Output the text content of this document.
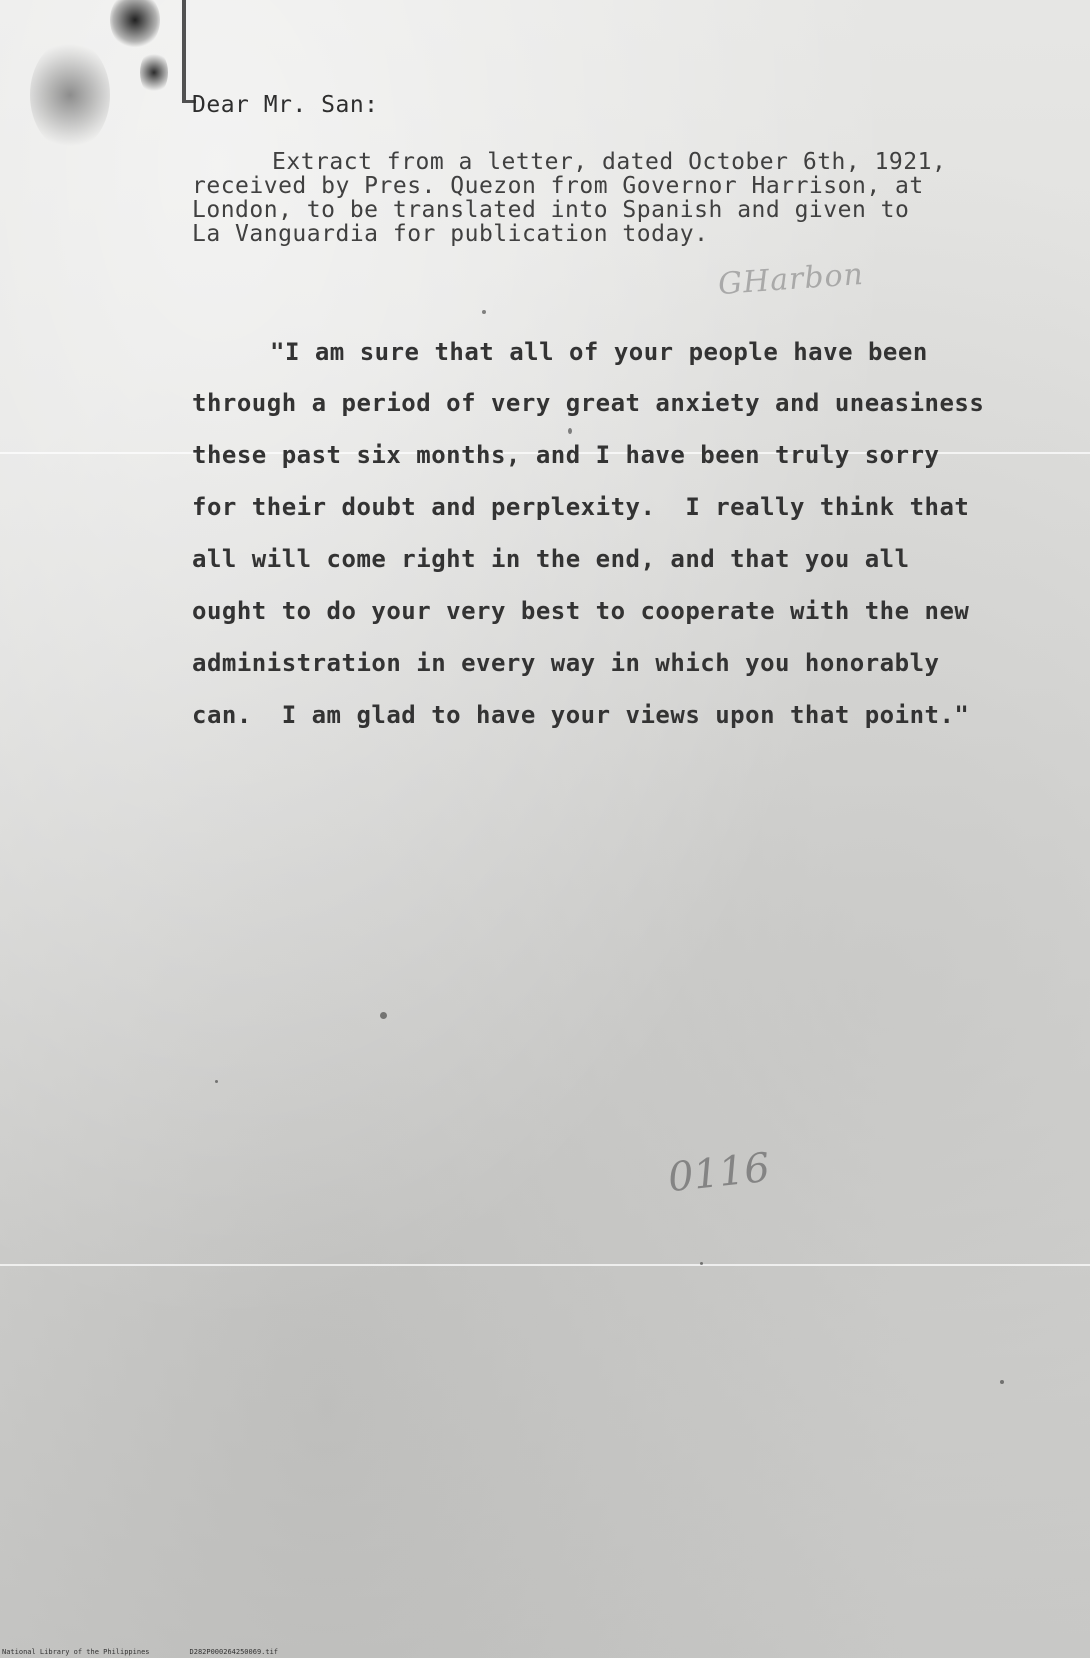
Dear Mr. San:
Extract from a letter, dated October 6th, 1921,
received by Pres. Quezon from Governor Harrison, at
London, to be translated into Spanish and given to
La Vanguardia for publication today.
GHarbon
"I am sure that all of your people have been
through a period of very great anxiety and uneasiness
these past six months, and I have been truly sorry
for their doubt and perplexity.  I really think that
all will come right in the end, and that you all
ought to do your very best to cooperate with the new
administration in every way in which you honorably
can.  I am glad to have your views upon that point."
0116
National Library of the Philippines	D282P000264250069.tif
